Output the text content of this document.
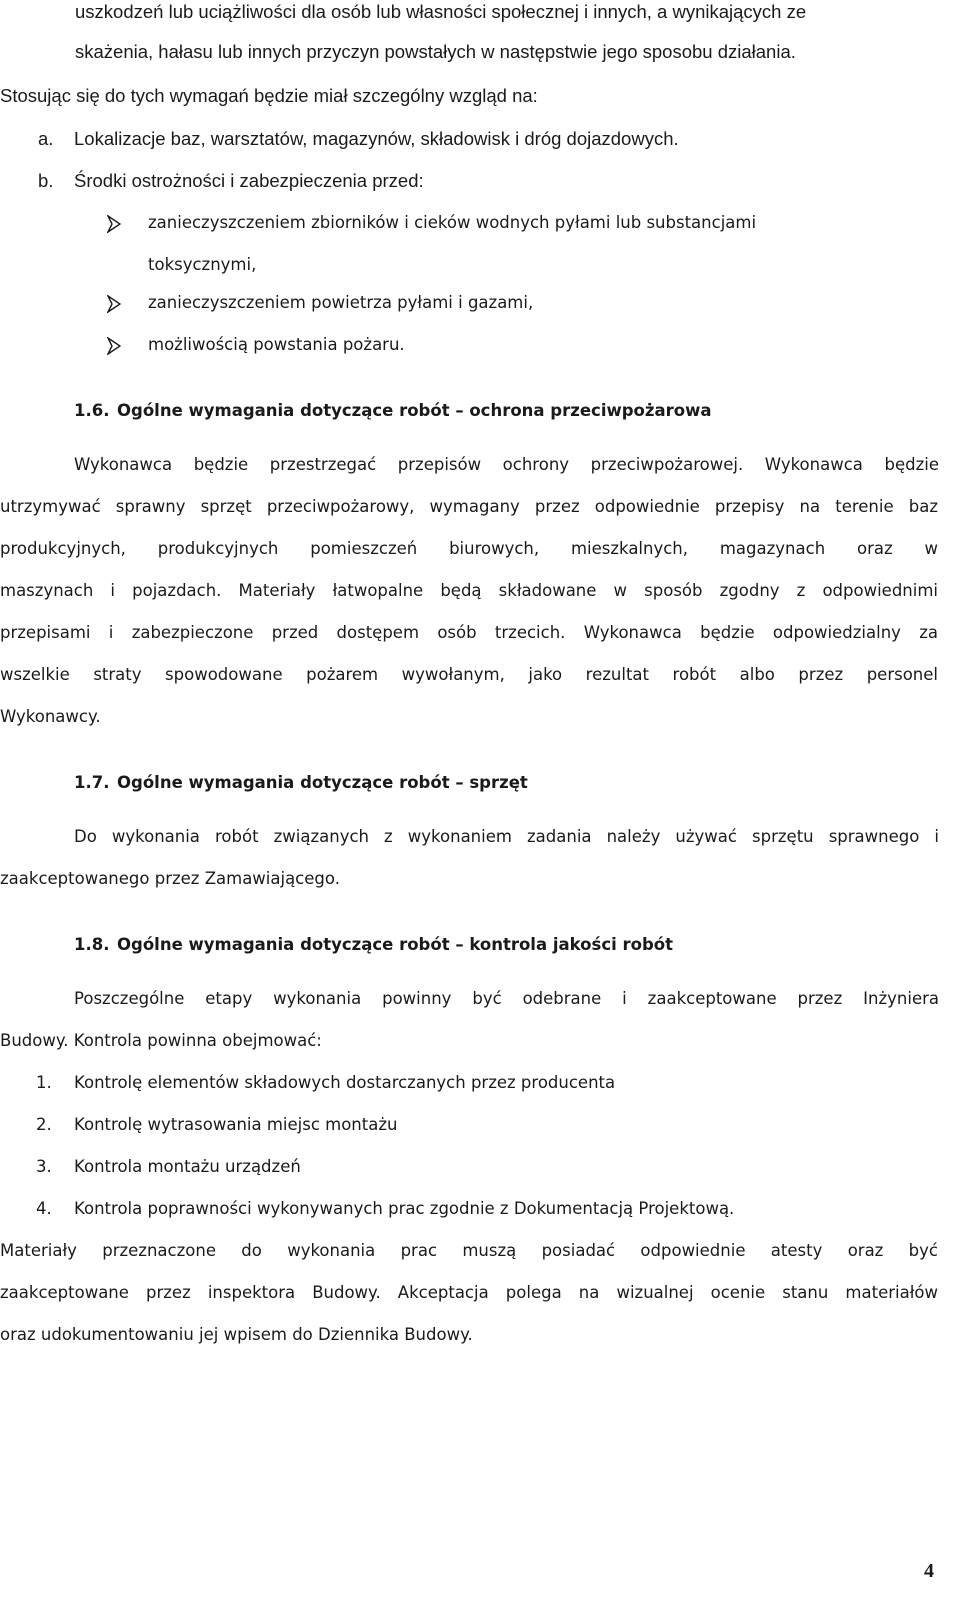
uszkodzeń lub uciążliwości dla osób lub własności społecznej i innych, a wynikających ze
skażenia, hałasu lub innych przyczyn powstałych w następstwie jego sposobu działania.
Stosując się do tych wymagań będzie miał szczególny wzgląd na:
a. Lokalizacje baz, warsztatów, magazynów, składowisk i dróg dojazdowych.
b. Środki ostrożności i zabezpieczenia przed:
zanieczyszczeniem zbiorników i cieków wodnych pyłami lub substancjami
toksycznymi,
zanieczyszczeniem powietrza pyłami i gazami,
możliwością powstania pożaru.
1.6. Ogólne wymagania dotyczące robót – ochrona przeciwpożarowa
Wykonawca będzie przestrzegać przepisów ochrony przeciwpożarowej. Wykonawca będzie
utrzymywać sprawny sprzęt przeciwpożarowy, wymagany przez odpowiednie przepisy na terenie baz
produkcyjnych, produkcyjnych pomieszczeń biurowych, mieszkalnych, magazynach oraz w
maszynach i pojazdach. Materiały łatwopalne będą składowane w sposób zgodny z odpowiednimi
przepisami i zabezpieczone przed dostępem osób trzecich. Wykonawca będzie odpowiedzialny za
wszelkie straty spowodowane pożarem wywołanym, jako rezultat robót albo przez personel
Wykonawcy.
1.7. Ogólne wymagania dotyczące robót – sprzęt
Do wykonania robót związanych z wykonaniem zadania należy używać sprzętu sprawnego i
zaakceptowanego przez Zamawiającego.
1.8. Ogólne wymagania dotyczące robót – kontrola jakości robót
Poszczególne etapy wykonania powinny być odebrane i zaakceptowane przez Inżyniera
Budowy. Kontrola powinna obejmować:
1. Kontrolę elementów składowych dostarczanych przez producenta
2. Kontrolę wytrasowania miejsc montażu
3. Kontrola montażu urządzeń
4. Kontrola poprawności wykonywanych prac zgodnie z Dokumentacją Projektową.
Materiały przeznaczone do wykonania prac muszą posiadać odpowiednie atesty oraz być
zaakceptowane przez inspektora Budowy. Akceptacja polega na wizualnej ocenie stanu materiałów
oraz udokumentowaniu jej wpisem do Dziennika Budowy.
4
